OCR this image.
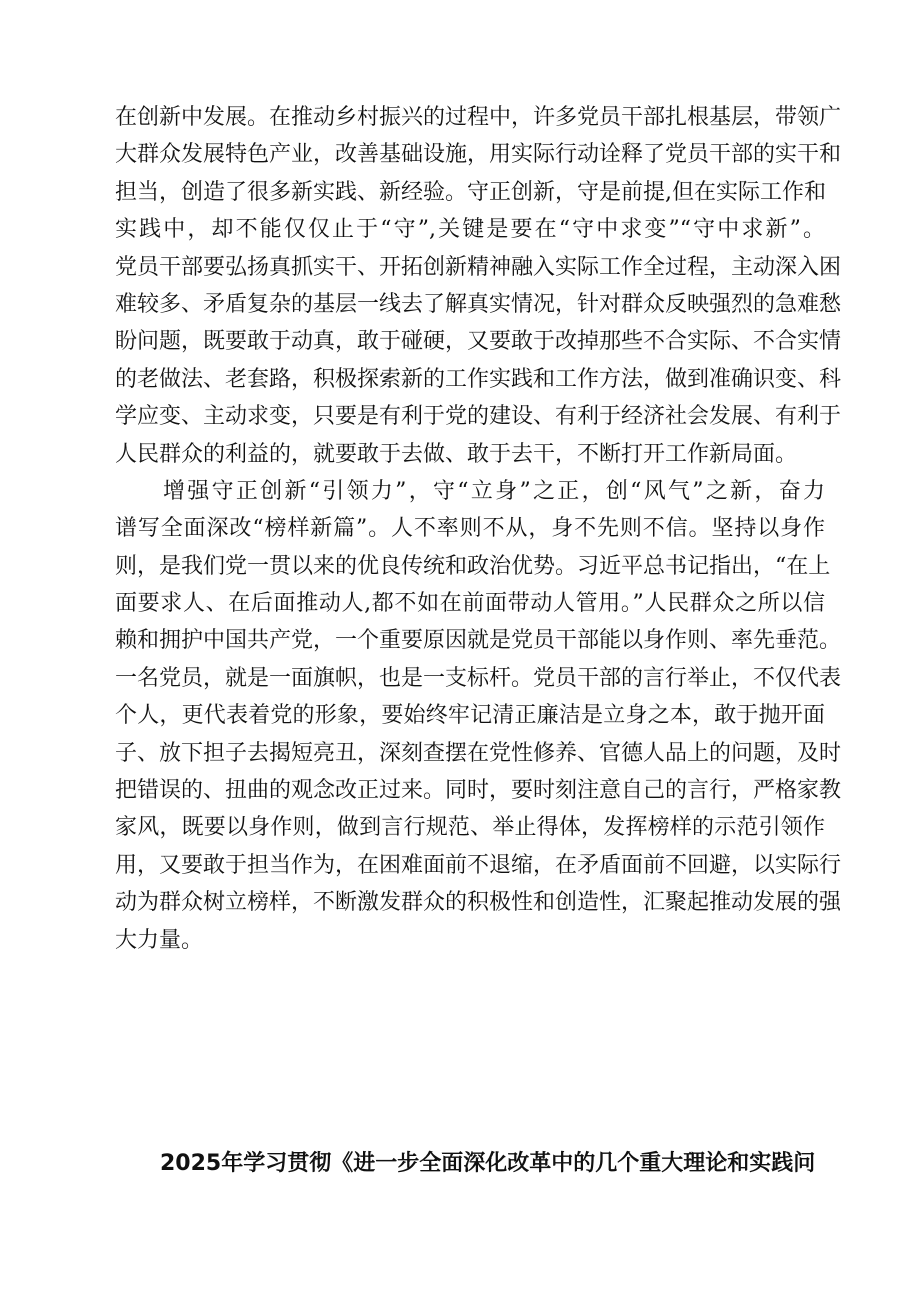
在创新中发展。在推动乡村振兴的过程中，许多党员干部扎根基层，带领广
大群众发展特色产业，改善基础设施，用实际行动诠释了党员干部的实干和
担当，创造了很多新实践、新经验。守正创新，守是前提,但在实际工作和
实践中，却不能仅仅止于“守”,关键是要在“守中求变”“守中求新”。
党员干部要弘扬真抓实干、开拓创新精神融入实际工作全过程，主动深入困
难较多、矛盾复杂的基层一线去了解真实情况，针对群众反映强烈的急难愁
盼问题，既要敢于动真，敢于碰硬，又要敢于改掉那些不合实际、不合实情
的老做法、老套路，积极探索新的工作实践和工作方法，做到准确识变、科
学应变、主动求变，只要是有利于党的建设、有利于经济社会发展、有利于
人民群众的利益的，就要敢于去做、敢于去干，不断打开工作新局面。
增强守正创新“引领力”，守“立身”之正，创“风气”之新，奋力
谱写全面深改“榜样新篇”。人不率则不从，身不先则不信。坚持以身作
则，是我们党一贯以来的优良传统和政治优势。习近平总书记指出，“在上
面要求人、在后面推动人,都不如在前面带动人管用。”人民群众之所以信
赖和拥护中国共产党，一个重要原因就是党员干部能以身作则、率先垂范。
一名党员，就是一面旗帜，也是一支标杆。党员干部的言行举止，不仅代表
个人，更代表着党的形象，要始终牢记清正廉洁是立身之本，敢于抛开面
子、放下担子去揭短亮丑，深刻查摆在党性修养、官德人品上的问题，及时
把错误的、扭曲的观念改正过来。同时，要时刻注意自己的言行，严格家教
家风，既要以身作则，做到言行规范、举止得体，发挥榜样的示范引领作
用，又要敢于担当作为，在困难面前不退缩，在矛盾面前不回避，以实际行
动为群众树立榜样，不断激发群众的积极性和创造性，汇聚起推动发展的强
大力量。
2025年学习贯彻《进一步全面深化改革中的几个重大理论和实践问
